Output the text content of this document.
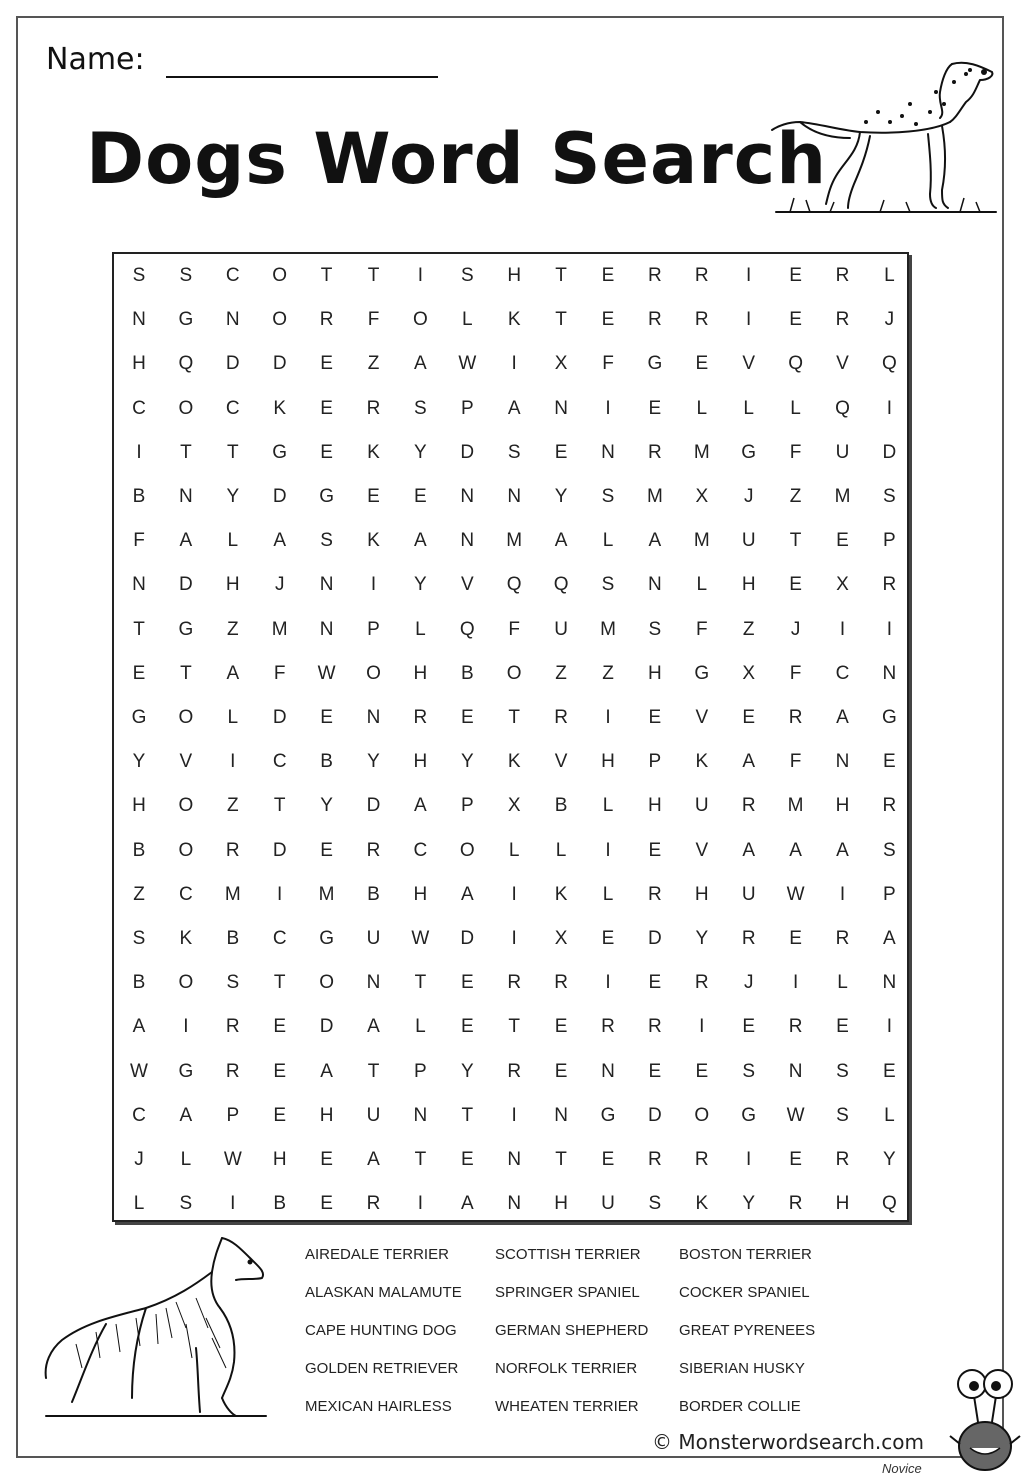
Name:
Dogs Word Search
S	S	C	O	T	T	I	S	H	T	E	R	R	I	E	R	L
N	G	N	O	R	F	O	L	K	T	E	R	R	I	E	R	J
H	Q	D	D	E	Z	A	W	I	X	F	G	E	V	Q	V	Q
C	O	C	K	E	R	S	P	A	N	I	E	L	L	L	Q	I
I	T	T	G	E	K	Y	D	S	E	N	R	M	G	F	U	D
B	N	Y	D	G	E	E	N	N	Y	S	M	X	J	Z	M	S
F	A	L	A	S	K	A	N	M	A	L	A	M	U	T	E	P
N	D	H	J	N	I	Y	V	Q	Q	S	N	L	H	E	X	R
T	G	Z	M	N	P	L	Q	F	U	M	S	F	Z	J	I	I
E	T	A	F	W	O	H	B	O	Z	Z	H	G	X	F	C	N
G	O	L	D	E	N	R	E	T	R	I	E	V	E	R	A	G
Y	V	I	C	B	Y	H	Y	K	V	H	P	K	A	F	N	E
H	O	Z	T	Y	D	A	P	X	B	L	H	U	R	M	H	R
B	O	R	D	E	R	C	O	L	L	I	E	V	A	A	A	S
Z	C	M	I	M	B	H	A	I	K	L	R	H	U	W	I	P
S	K	B	C	G	U	W	D	I	X	E	D	Y	R	E	R	A
B	O	S	T	O	N	T	E	R	R	I	E	R	J	I	L	N
A	I	R	E	D	A	L	E	T	E	R	R	I	E	R	E	I
W	G	R	E	A	T	P	Y	R	E	N	E	E	S	N	S	E
C	A	P	E	H	U	N	T	I	N	G	D	O	G	W	S	L
J	L	W	H	E	A	T	E	N	T	E	R	R	I	E	R	Y
L	S	I	B	E	R	I	A	N	H	U	S	K	Y	R	H	Q
AIREDALE TERRIER
ALASKAN MALAMUTE
CAPE HUNTING DOG
GOLDEN RETRIEVER
MEXICAN HAIRLESS
SCOTTISH TERRIER
SPRINGER SPANIEL
GERMAN SHEPHERD
NORFOLK TERRIER
WHEATEN TERRIER
BOSTON TERRIER
COCKER SPANIEL
GREAT PYRENEES
SIBERIAN HUSKY
BORDER COLLIE
© Monsterwordsearch.com
Novice
